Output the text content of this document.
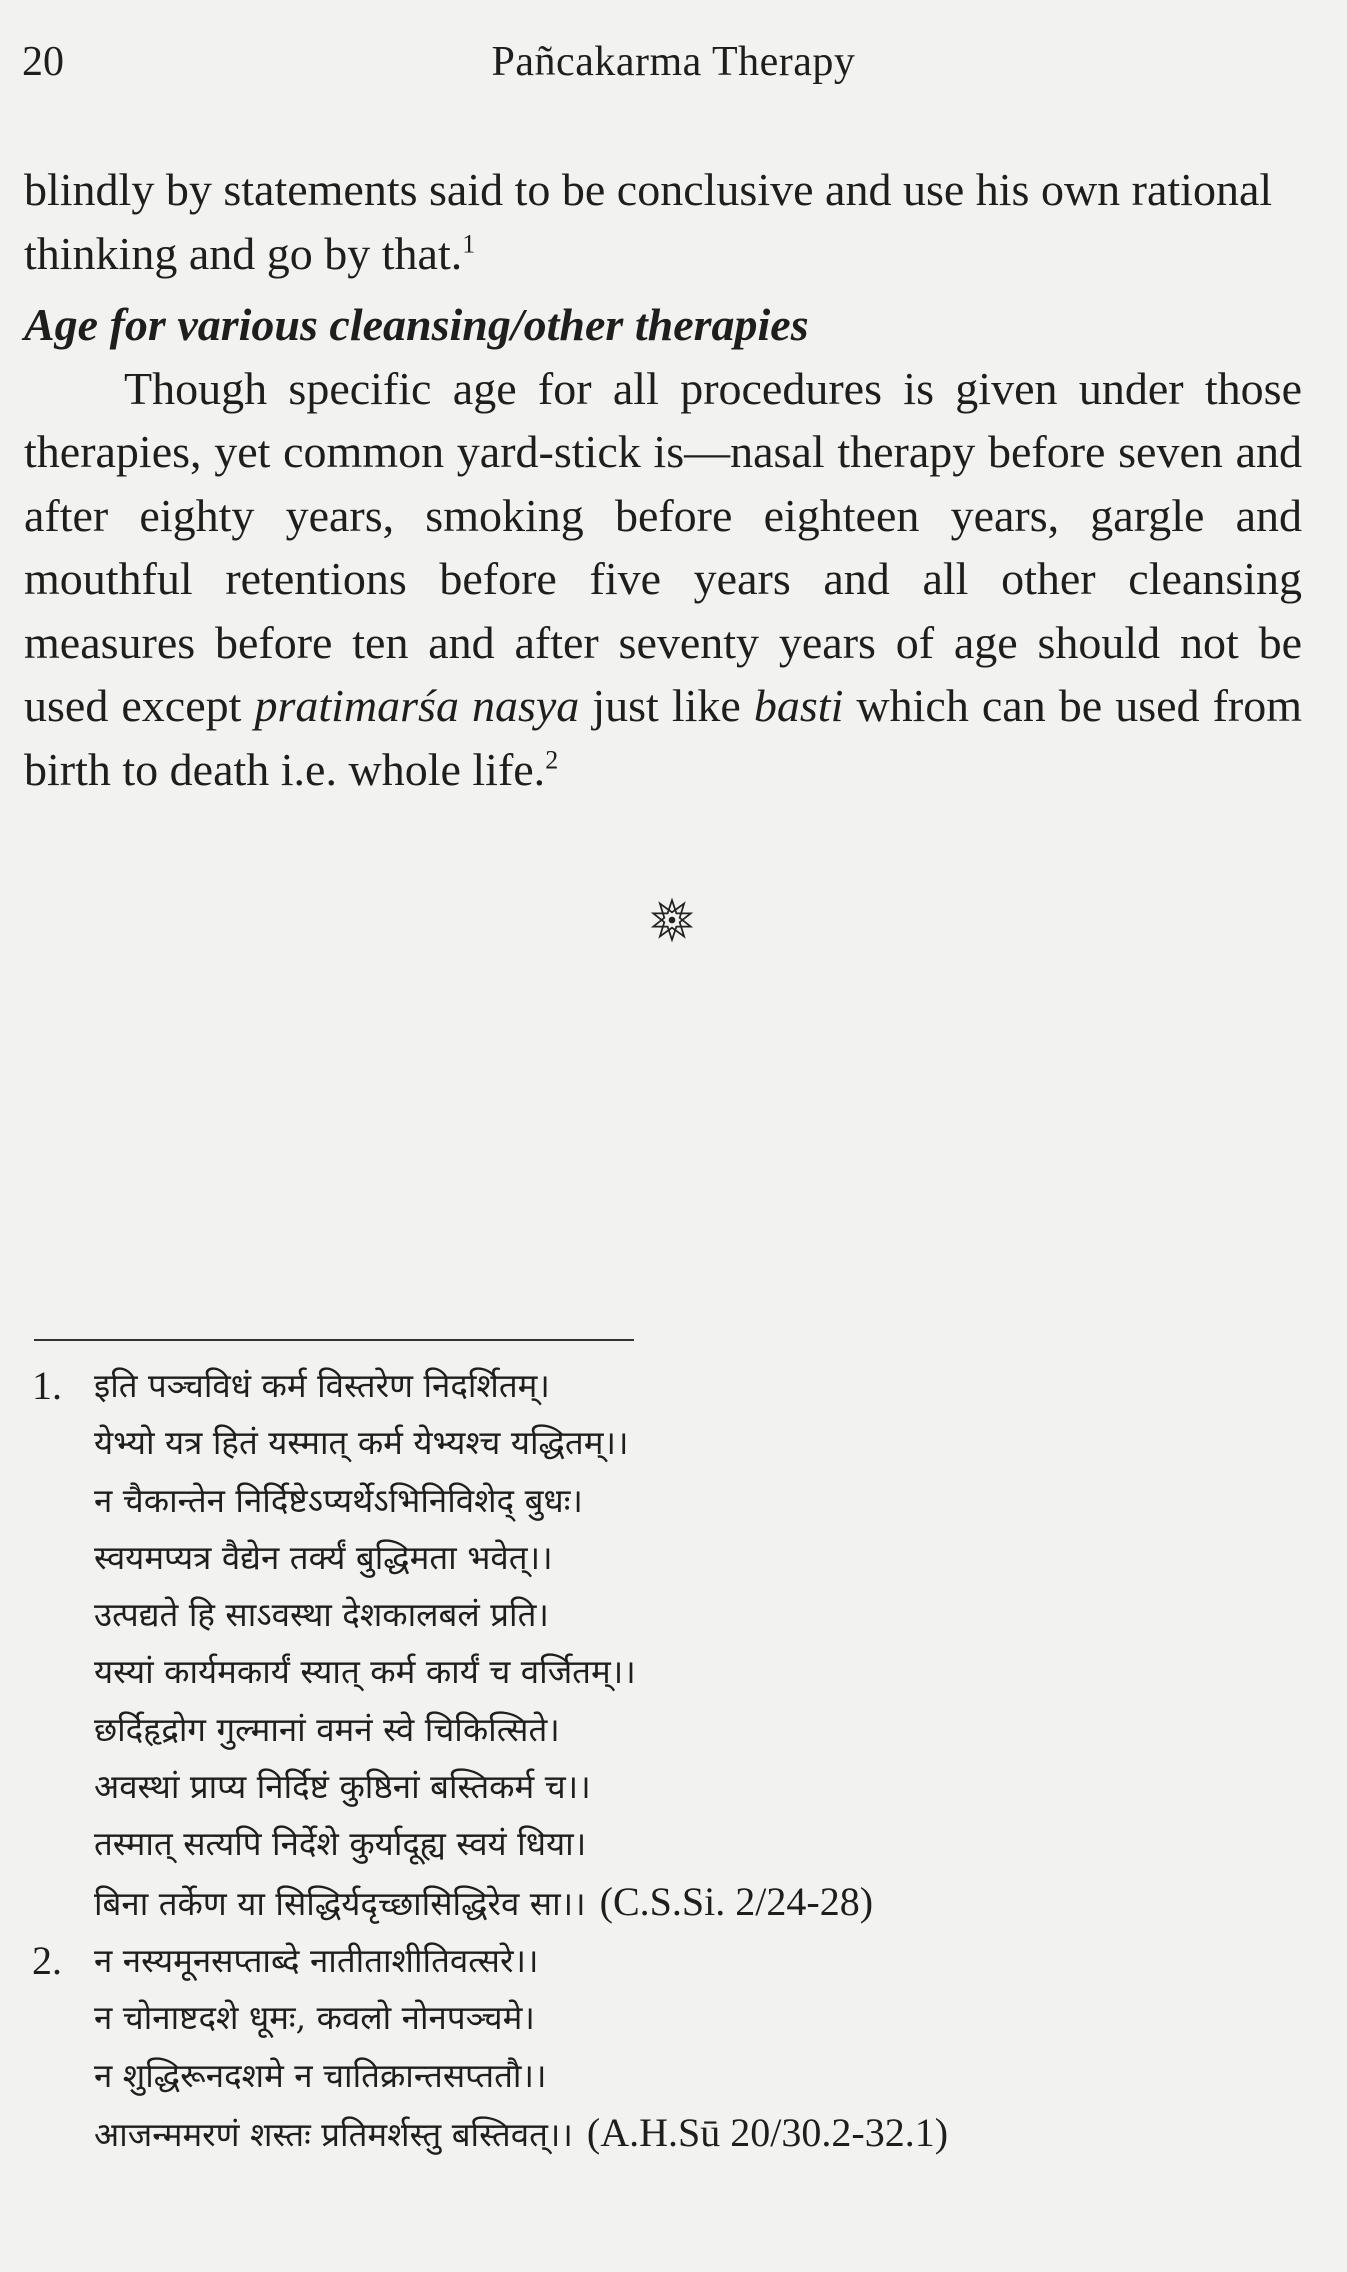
20	Pañcakarma Therapy

blindly by statements said to be conclusive and use his own rational thinking and go by that.$^1$

Age for various cleansing/other therapies

Though specific age for all procedures is given under those therapies, yet common yard-stick is—nasal therapy before seven and after eighty years, smoking before eighteen years, gargle and mouthful retentions before five years and all other cleansing measures before ten and after seventy years of age should not be used except pratimarśa nasya just like basti which can be used from birth to death i.e. whole life.$^2$

1. इति पञ्चविधं कर्म विस्तरेण निदर्शितम्।
येभ्यो यत्र हितं यस्मात् कर्म येभ्यश्च यद्धितम्।।
न चैकान्तेन निर्दिष्टेऽप्यर्थेऽभिनिविशेद् बुधः।
स्वयमप्यत्र वैद्येन तर्क्यं बुद्धिमता भवेत्।।
उत्पद्यते हि साऽवस्था देशकालबलं प्रति।
यस्यां कार्यमकार्यं स्यात् कर्म कार्यं च वर्जितम्।।
छर्दिहृद्रोग गुल्मानां वमनं स्वे चिकित्सिते।
अवस्थां प्राप्य निर्दिष्टं कुष्ठिनां बस्तिकर्म च।।
तस्मात् सत्यपि निर्देशे कुर्यादूह्य स्वयं धिया।
बिना तर्केण या सिद्धिर्यदृच्छासिद्धिरेव सा।। (C.S.Si. 2/24-28)
2. न नस्यमूनसप्ताब्दे नातीताशीतिवत्सरे।।
न चोनाष्टदशे धूमः, कवलो नोनपञ्चमे।
न शुद्धिरूनदशमे न चातिक्रान्तसप्ततौ।।
आजन्ममरणं शस्तः प्रतिमर्शस्तु बस्तिवत्।। (A.H.Sū 20/30.2-32.1)
